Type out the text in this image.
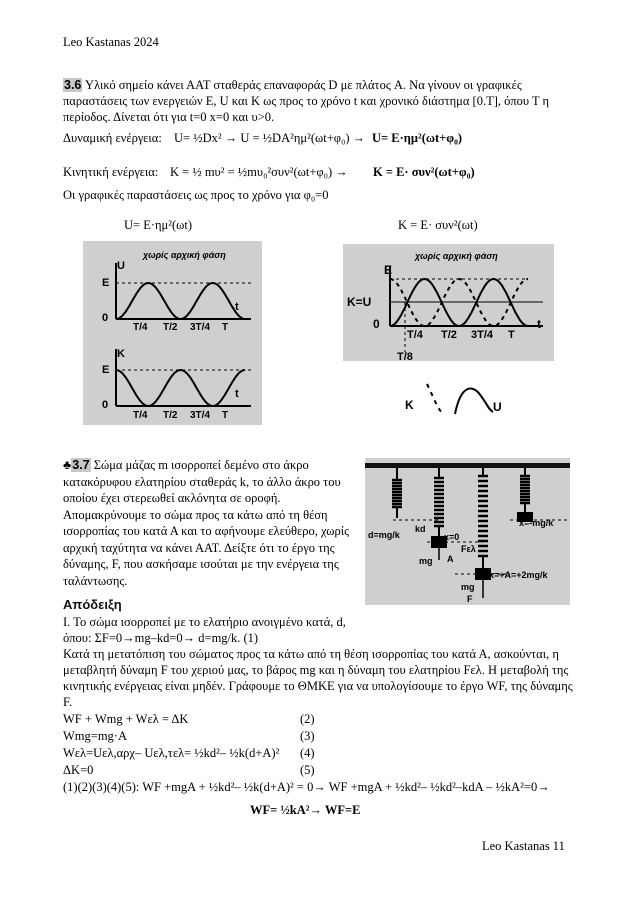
Leo Kastanas 2024
Leo Kastanas 11
3.6 Υλικό σημείο κάνει ΑΑΤ σταθεράς επαναφοράς D με πλάτος A. Να γίνουν οι γραφικές
παραστάσεις των ενεργειών Ε, U και Κ ως προς το χρόνο t και χρονικό διάστημα [0.T], όπου Τ η
περίοδος. Δίνεται ότι για t=0 x=0 και υ>0.
Δυναμική ενέργεια: U= ½Dx² → U = ½DA²ημ²(ωt+φ₀) → U= E·ημ²(ωt+φ₀)
Κινητική ενέργεια: K = ½ mυ² = ½mυ₀²συν²(ωt+φ₀) → K = E· συν²(ωt+φ₀)
Οι γραφικές παραστάσεις ως προς το χρόνο για φ₀=0
U= E·ημ²(ωt)	K = E· συν²(ωt)
χωρίς αρχική φάση
U
E
0
t
T/4 T/2 3T/4 T
K
E
0
t
T/4 T/2 3T/4 T
χωρίς αρχική φάση
E
K=U
0	t
T/4 T/2 3T/4 T
T/8
K	U
♣3.7 Σώμα μάζας m ισορροπεί δεμένο στο άκρο
κατακόρυφου ελατηρίου σταθεράς k, το άλλο άκρο του
οποίου έχει στερεωθεί ακλόνητα σε οροφή.
Απομακρύνουμε το σώμα προς τα κάτω από τη θέση
ισορροπίας του κατά Α και το αφήνουμε ελεύθερο, χωρίς
αρχική ταχύτητα να κάνει ΑΑΤ. Δείξτε ότι το έργο της
δύναμης, F, που ασκήσαμε ισούται με την ενέργεια της
ταλάντωσης.
d=mg/k
kd
x=0
mg A
Fελ
x=-mg/k
x=+A=+2mg/k
mg
F
Απόδειξη
Ι. Το σώμα ισορροπεί με το ελατήριο ανοιγμένο κατά, d,
όπου: ΣF=0→mg–kd=0→ d=mg/k. (1)
Κατά τη μετατόπιση του σώματος προς τα κάτω από τη θέση ισορροπίας του κατά Α, ασκούνται, η
μεταβλητή δύναμη F του χεριού μας, το βάρος mg και η δύναμη του ελατηρίου Fελ. Η μεταβολή της
κινητικής ενέργειας είναι μηδέν. Γράφουμε το ΘΜΚΕ για να υπολογίσουμε το έργο WF, της δύναμης
F.
WF + Wmg + Wελ = ΔK	(2)
Wmg=mg·A	(3)
Wελ=Uελ,αρχ– Uελ,τελ= ½kd²– ½k(d+A)² (4)
ΔK=0	(5)
(1)(2)(3)(4)(5): WF +mgA + ½kd²– ½k(d+A)² = 0→ WF +mgA + ½kd²– ½kd²–kdA – ½kA²=0→
WF= ½kA²→ WF=E
